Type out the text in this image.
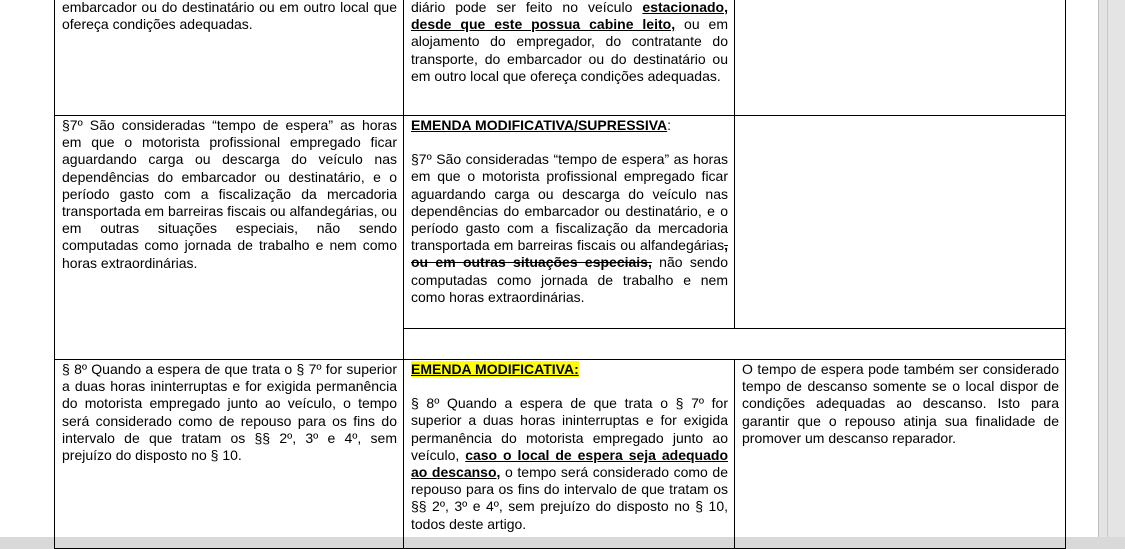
embarcador ou do destinatário ou em outro local que ofereça condições adequadas.

diário pode ser feito no veículo estacionado, desde que este possua cabine leito, ou em alojamento do empregador, do contratante do transporte, do embarcador ou do destinatário ou em outro local que ofereça condições adequadas.

§7º São consideradas “tempo de espera” as horas em que o motorista profissional empregado ficar aguardando carga ou descarga do veículo nas dependências do embarcador ou destinatário, e o período gasto com a fiscalização da mercadoria transportada em barreiras fiscais ou alfandegárias, ou em outras situações especiais, não sendo computadas como jornada de trabalho e nem como horas extraordinárias.

EMENDA MODIFICATIVA/SUPRESSIVA:

§7º São consideradas “tempo de espera” as horas em que o motorista profissional empregado ficar aguardando carga ou descarga do veículo nas dependências do embarcador ou destinatário, e o período gasto com a fiscalização da mercadoria transportada em barreiras fiscais ou alfandegárias, ou em outras situações especiais, não sendo computadas como jornada de trabalho e nem como horas extraordinárias.

§ 8º Quando a espera de que trata o § 7º for superior a duas horas ininterruptas e for exigida permanência do motorista empregado junto ao veículo, o tempo será considerado como de repouso para os fins do intervalo de que tratam os §§ 2º, 3º e 4º, sem prejuízo do disposto no § 10.

EMENDA MODIFICATIVA:

§ 8º Quando a espera de que trata o § 7º for superior a duas horas ininterruptas e for exigida permanência do motorista empregado junto ao veículo, caso o local de espera seja adequado ao descanso, o tempo será considerado como de repouso para os fins do intervalo de que tratam os §§ 2º, 3º e 4º, sem prejuízo do disposto no § 10, todos deste artigo.

O tempo de espera pode também ser considerado tempo de descanso somente se o local dispor de condições adequadas ao descanso. Isto para garantir que o repouso atinja sua finalidade de promover um descanso reparador.
